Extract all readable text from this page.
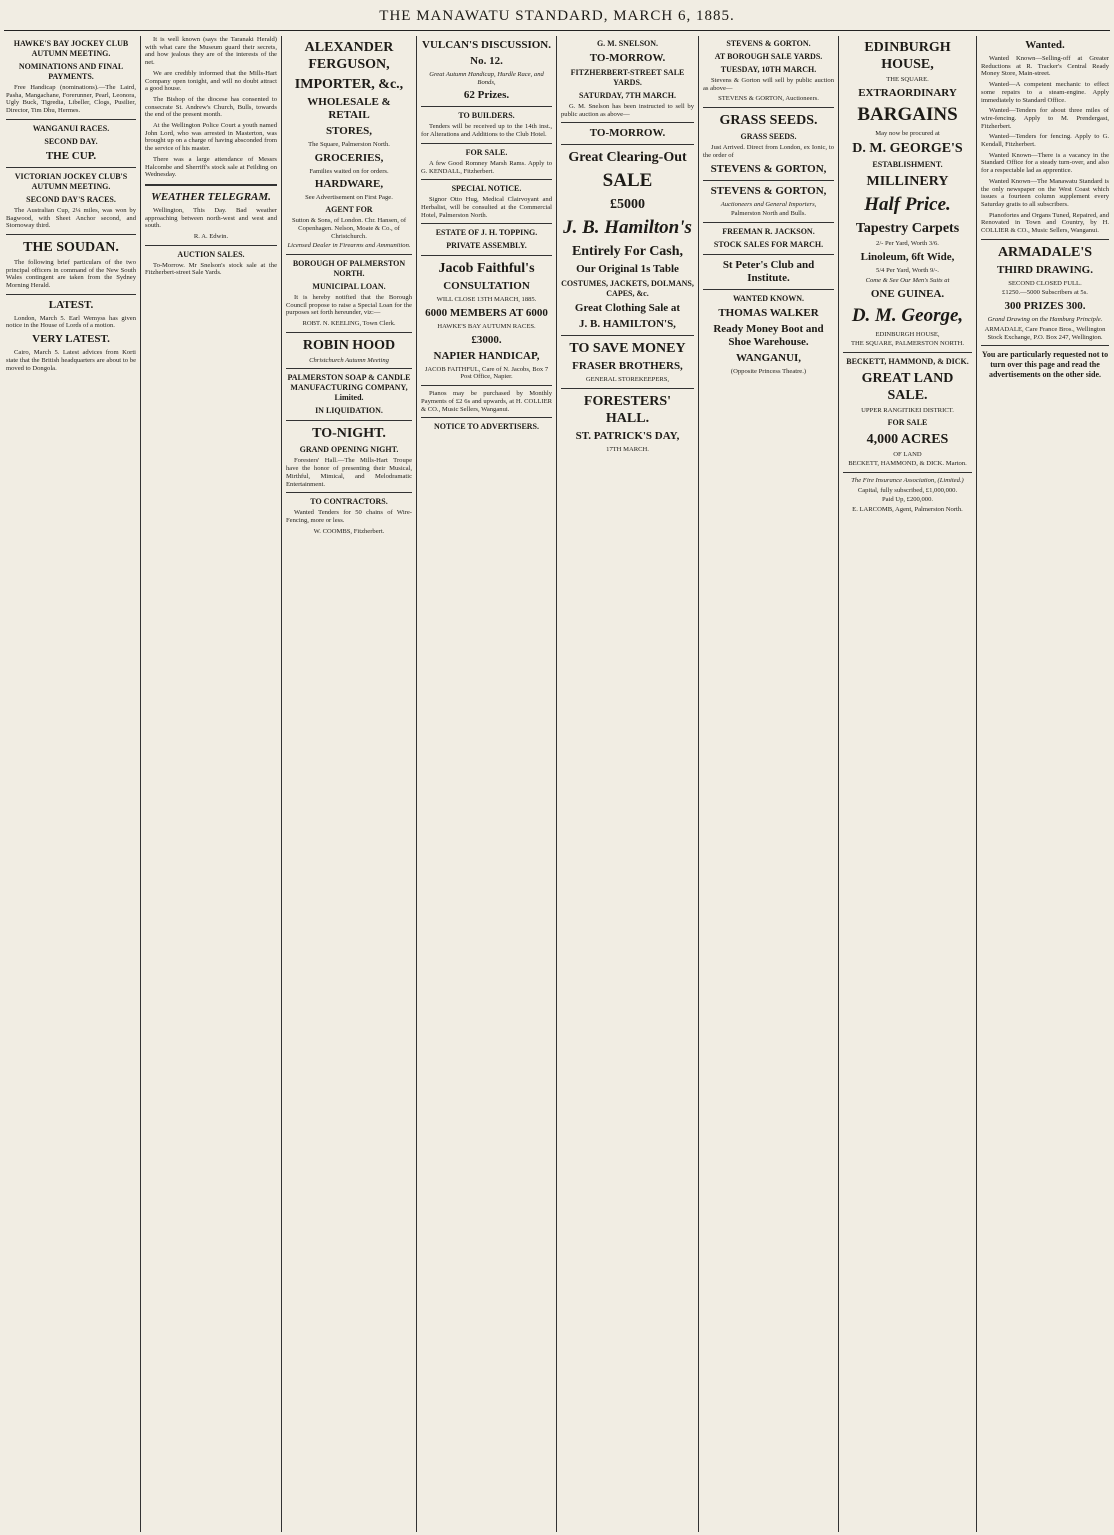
THE MANAWATU STANDARD, MARCH 6, 1885.
HAWKE'S BAY JOCKEY CLUB AUTUMN MEETING.
NOMINATIONS AND FINAL PAYMENTS.

Free Handicap (nominations).—The Laird, Pasha, Mangachane, Forerunner, Pearl, Leonora, Ugly Buck, Tigredia, Libeller, Clogs, Pusilier, Director, Tim Dhu, Hermes.

WANGANUI RACES.
SECOND DAY.
THE CUP.
VICTORIAN JOCKEY CLUB'S AUTUMN MEETING.
SECOND DAY'S RACES.

The Australian Cup, 2¼ miles, was won by Bagwood, with Sheet Anchor second, and Stornoway third.

THE SOUDAN.

The following brief particulars of the two principal officers in command of the New South Wales contingent are taken from the Sydney Morning Herald.

LATEST.

London, March 5. Earl Wemyss has given notice in the House of Lords of a motion.

VERY LATEST.

Cairo, March 5. Latest advices from Korti state that the British headquarters are about to be moved to Dongola.

It is well known (says the Taranaki Herald) with what care the Museum guard their secrets, and how jealous they are of the interests of the net.

We are credibly informed that the Mills-Hart Company open tonight, and will no doubt attract a good house.

The Bishop of the diocese has consented to consecrate St. Andrew's Church, Bulls, towards the end of the present month.

At the Wellington Police Court a youth named John Lord, who was arrested in Masterton, was brought up on a charge of having absconded from the service of his master.

There was a large attendance of Messrs Halcombe and Sherriff's stock sale at Feilding on Wednesday.

WEATHER TELEGRAM.

Wellington, This Day. Bad weather approaching between north-west and west and south.

R. A. Edwin.
AUCTION SALES.

To-Morrow. Mr Snelson's stock sale at the Fitzherbert-street Sale Yards.

ALEXANDER FERGUSON,
IMPORTER, &c.,
WHOLESALE & RETAIL
STORES,
The Square, Palmerston North.
GROCERIES,
Families waited on for orders.
HARDWARE,
See Advertisement on First Page.
AGENT FOR
Sutton & Sons, of London. Chr. Hansen, of Copenhagen. Nelson, Moate & Co., of Christchurch.
Licensed Dealer in Firearms and Ammunition.
BOROUGH OF PALMERSTON NORTH.
MUNICIPAL LOAN.

It is hereby notified that the Borough Council propose to raise a Special Loan for the purposes set forth hereunder, viz:—

ROBT. N. KEELING, Town Clerk.
ROBIN HOOD
Christchurch Autumn Meeting
PALMERSTON SOAP & CANDLE MANUFACTURING COMPANY, Limited.
IN LIQUIDATION.
TO-NIGHT.
GRAND OPENING NIGHT.

Foresters' Hall.—The Mills-Hart Troupe have the honor of presenting their Musical, Mirthful, Mimical, and Melodramatic Entertainment.

TO CONTRACTORS.

Wanted Tenders for 50 chains of Wire-Fencing, more or less.

W. COOMBS, Fitzherbert.
VULCAN'S DISCUSSION.
No. 12.
Great Autumn Handicap, Hurdle Race, and Bonds,
62 Prizes.
TO BUILDERS.

Tenders will be received up to the 14th inst., for Alterations and Additions to the Club Hotel.

FOR SALE.

A few Good Romney Marsh Rams. Apply to G. KENDALL, Fitzherbert.

SPECIAL NOTICE.

Signor Otto Hug, Medical Clairvoyant and Herbalist, will be consulted at the Commercial Hotel, Palmerston North.

ESTATE OF J. H. TOPPING.
PRIVATE ASSEMBLY.
Jacob Faithful's
CONSULTATION
WILL CLOSE 13TH MARCH, 1885.
6000 MEMBERS AT 6000
HAWKE'S BAY AUTUMN RACES.
£3000.
NAPIER HANDICAP,
JACOB FAITHFUL, Care of N. Jacobs, Box 7 Post Office, Napier.

Pianos may be purchased by Monthly Payments of £2 6s and upwards, at H. COLLIER & CO., Music Sellers, Wanganui.

NOTICE TO ADVERTISERS.
G. M. SNELSON.
TO-MORROW.
FITZHERBERT-STREET SALE YARDS.
SATURDAY, 7TH MARCH.

G. M. Snelson has been instructed to sell by public auction as above—

TO-MORROW.
Great Clearing-Out
SALE
£5000
J. B. Hamilton's
Entirely For Cash,
Our Original 1s Table
COSTUMES, JACKETS, DOLMANS, CAPES, &c.
Great Clothing Sale at
J. B. HAMILTON'S,
TO SAVE MONEY
FRASER BROTHERS,
GENERAL STOREKEEPERS,
FORESTERS' HALL.
ST. PATRICK'S DAY,
17TH MARCH.
STEVENS & GORTON.
AT BOROUGH SALE YARDS.
TUESDAY, 10TH MARCH.

Stevens & Gorton will sell by public auction as above—

STEVENS & GORTON, Auctioneers.
GRASS SEEDS.
GRASS SEEDS.

Just Arrived. Direct from London, ex Ionic, to the order of

STEVENS & GORTON,
STEVENS & GORTON,
Auctioneers and General Importers,
Palmerston North and Bulls.
FREEMAN R. JACKSON.
STOCK SALES FOR MARCH.
St Peter's Club and Institute.
WANTED KNOWN.
THOMAS WALKER
Ready Money Boot and Shoe Warehouse.
WANGANUI,
(Opposite Princess Theatre.)
EDINBURGH HOUSE,
THE SQUARE.
EXTRAORDINARY
BARGAINS
May now be procured at
D. M. GEORGE'S
ESTABLISHMENT.
MILLINERY
Half Price.
Tapestry Carpets
2/- Per Yard, Worth 3/6.
Linoleum, 6ft Wide,
5/4 Per Yard, Worth 9/-.
Come & See Our Men's Suits at
ONE GUINEA.
D. M. George,
EDINBURGH HOUSE,
THE SQUARE, PALMERSTON NORTH.
BECKETT, HAMMOND, & DICK.
GREAT LAND SALE.
UPPER RANGITIKEI DISTRICT.
FOR SALE
4,000 ACRES
OF LAND
BECKETT, HAMMOND, & DICK. Marton.
The Fire Insurance Association, (Limited.)
Capital, fully subscribed, £1,000,000.
Paid Up, £200,000.
E. LARCOMB, Agent, Palmerston North.
Wanted.

Wanted Known—Selling-off at Greater Reductions at R. Tracker's Central Ready Money Store, Main-street.

Wanted—A competent mechanic to effect some repairs to a steam-engine. Apply immediately to Standard Office.

Wanted—Tenders for about three miles of wire-fencing. Apply to M. Prendergast, Fitzherbert.

Wanted—Tenders for fencing. Apply to G. Kendall, Fitzherbert.

Wanted Known—There is a vacancy in the Standard Office for a steady turn-over, and also for a respectable lad as apprentice.

Wanted Known—The Manawatu Standard is the only newspaper on the West Coast which issues a fourteen column supplement every Saturday gratis to all subscribers.

Pianofortes and Organs Tuned, Repaired, and Renovated in Town and Country, by H. COLLIER & CO., Music Sellers, Wanganui.

ARMADALE'S
THIRD DRAWING.
SECOND CLOSED FULL.
£1250.—5000 Subscribers at 5s.
300 PRIZES 300.
Grand Drawing on the Hamburg Principle.
ARMADALE, Care France Bros., Wellington Stock Exchange, P.O. Box 247, Wellington.
You are particularly requested not to turn over this page and read the advertisements on the other side.
